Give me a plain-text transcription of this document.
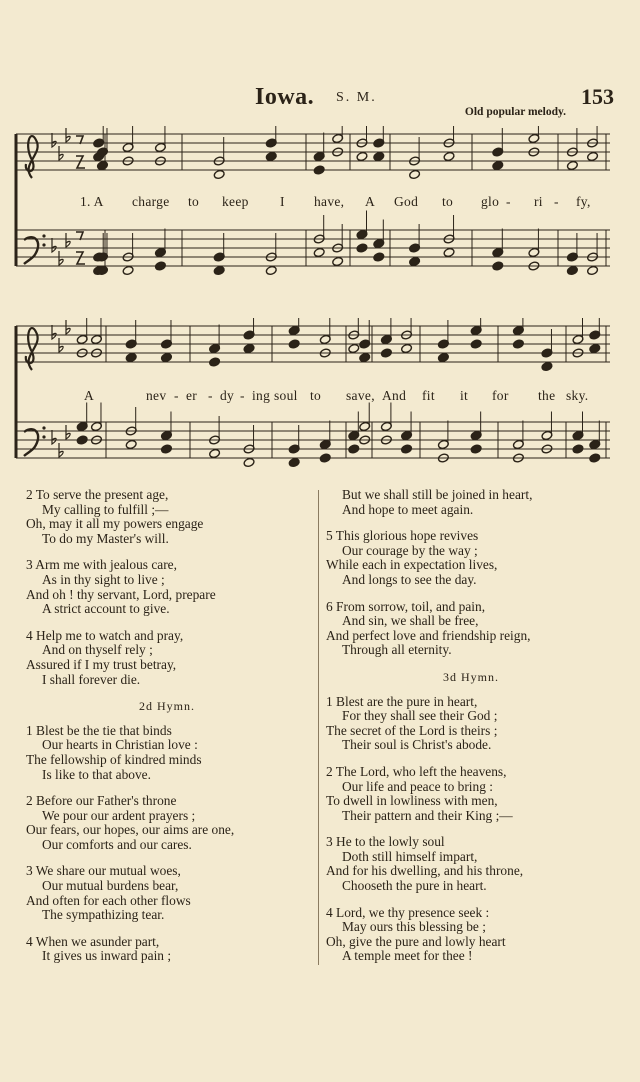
Iowa. S. M.	153
Old popular melody.
1. A charge to keep I have, A God to glo - ri - fy,
A	nev - er - dy - ing soul to save, And fit it for the sky.
2 To serve the present age,
My calling to fulfill ;—
Oh, may it all my powers engage
To do my Master's will.
3 Arm me with jealous care,
As in thy sight to live ;
And oh ! thy servant, Lord, prepare
A strict account to give.
4 Help me to watch and pray,
And on thyself rely ;
Assured if I my trust betray,
I shall forever die.
2d Hymn.
1 Blest be the tie that binds
Our hearts in Christian love :
The fellowship of kindred minds
Is like to that above.
2 Before our Father's throne
We pour our ardent prayers ;
Our fears, our hopes, our aims are one,
Our comforts and our cares.
3 We share our mutual woes,
Our mutual burdens bear,
And often for each other flows
The sympathizing tear.
4 When we asunder part,
It gives us inward pain ;
But we shall still be joined in heart,
And hope to meet again.
5 This glorious hope revives
Our courage by the way ;
While each in expectation lives,
And longs to see the day.
6 From sorrow, toil, and pain,
And sin, we shall be free,
And perfect love and friendship reign,
Through all eternity.
3d Hymn.
1 Blest are the pure in heart,
For they shall see their God ;
The secret of the Lord is theirs ;
Their soul is Christ's abode.
2 The Lord, who left the heavens,
Our life and peace to bring :
To dwell in lowliness with men,
Their pattern and their King ;—
3 He to the lowly soul
Doth still himself impart,
And for his dwelling, and his throne,
Chooseth the pure in heart.
4 Lord, we thy presence seek :
May ours this blessing be ;
Oh, give the pure and lowly heart
A temple meet for thee !
